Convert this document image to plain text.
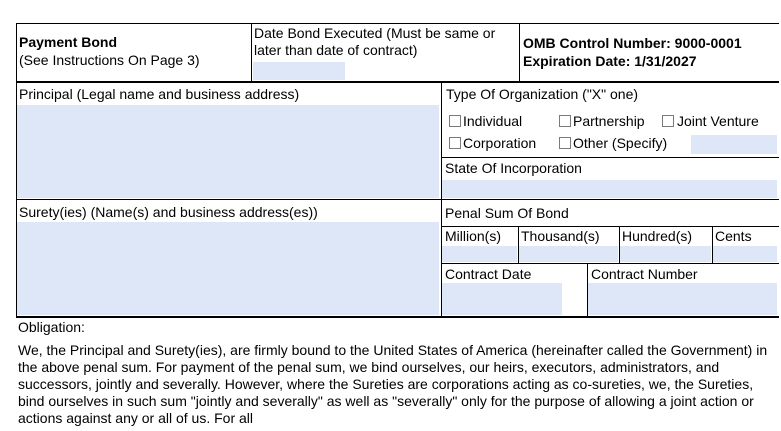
Payment Bond
(See Instructions On Page 3)
Date Bond Executed (Must be same or later than date of contract)	OMB Control Number: 9000-0001
Expiration Date: 1/31/2027
Principal (Legal name and business address)	Type Of Organization ("X" one)
Individual	Partnership Joint Venture
Corporation	Other (Specify)
State Of Incorporation
Surety(ies) (Name(s) and business address(es))	Penal Sum Of Bond
Million(s) Thousand(s) Hundred(s) Cents
Contract Date	Contract Number
Obligation:
We, the Principal and Surety(ies), are firmly bound to the United States of America (hereinafter called the Government) in the above penal sum. For payment of the penal sum, we bind ourselves, our heirs, executors, administrators, and successors, jointly and severally. However, where the Sureties are corporations acting as co-sureties, we, the Sureties, bind ourselves in such sum "jointly and severally" as well as "severally" only for the purpose of allowing a joint action or actions against any or all of us. For all
